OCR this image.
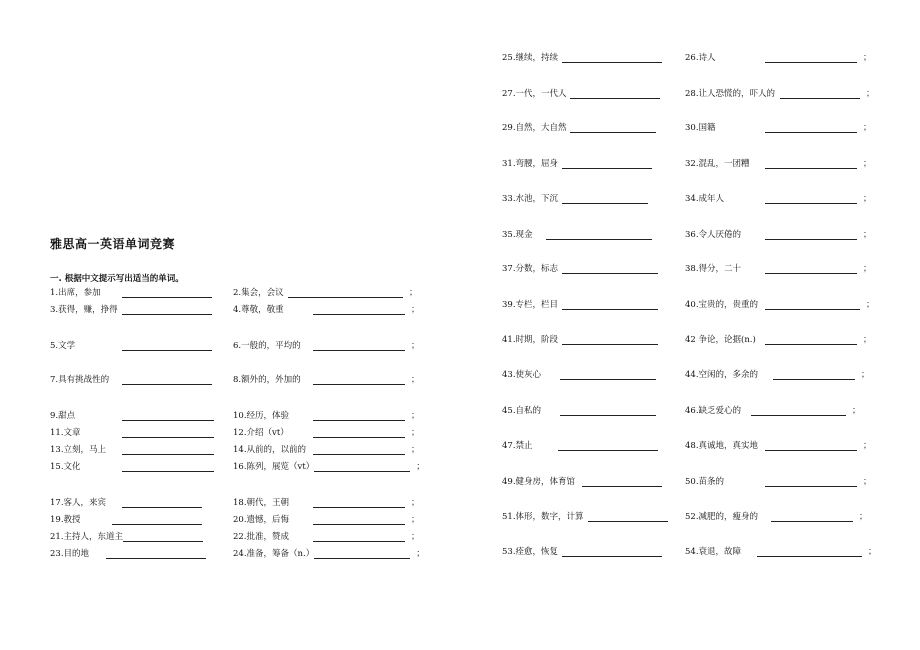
雅思高一英语单词竞赛
一. 根据中文提示写出适当的单词。
1.出席，参加	2.集会，会议	；
3.获得，赚，挣得	4.尊敬，敬重	；
5.文学	6.一般的，平均的	；
7.具有挑战性的	8.额外的，外加的	；
9.甜点	10.经历，体验	；
11.文章	12.介绍（vt）	；
13.立刻，马上	14.从前的，以前的	；
15.文化	16.陈列，展览（vt）	；
17.客人，来宾	18.朝代，王朝	；
19.教授	20.遗憾，后悔	；
21.主持人，东道主	22.批准，赞成	；
23.目的地	24.准备，筹备（n.）	；
25.继续，持续	26.诗人	；
27.一代，一代人	28.让人恐慌的，吓人的	；
29.自然，大自然	30.国籍	；
31.弯腰，屈身	32.混乱，一团糟	；
33.水池，下沉	34.成年人	；
35.现金	36.令人厌倦的	；
37.分数，标志	38.得分，二十	；
39.专栏，栏目	40.宝贵的，贵重的	；
41.时期，阶段	42 争论，论据(n.)	；
43.使灰心	44.空闲的，多余的	；
45.自私的	46.缺乏爱心的	；
47.禁止	48.真诚地，真实地	；
49.健身房，体育馆	50.苗条的	；
51.体形，数字，计算	52.减肥的，瘦身的	；
53.痊愈，恢复	54.衰退，故障	；
